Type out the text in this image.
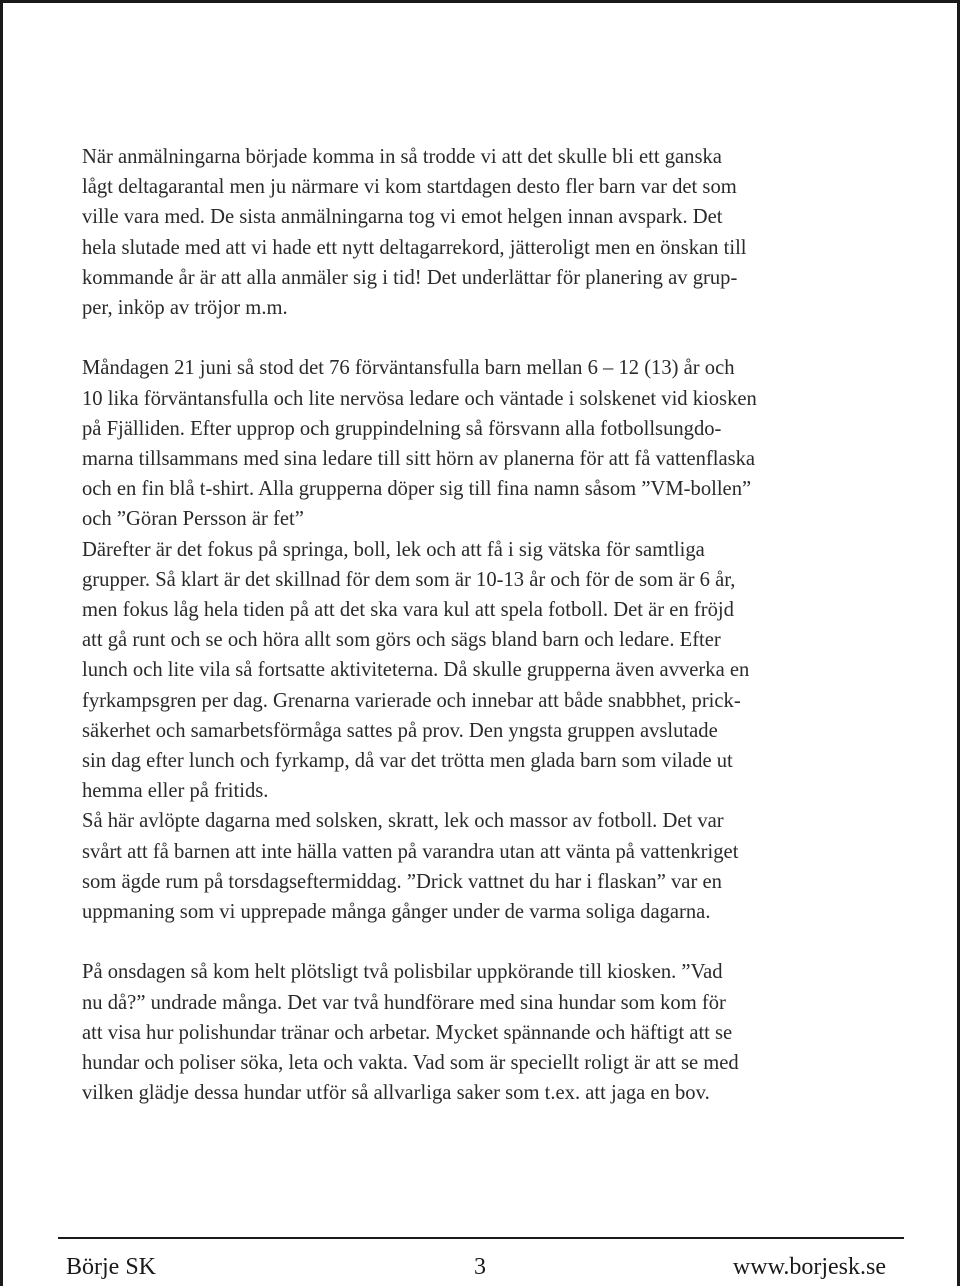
När anmälningarna började komma in så trodde vi att det skulle bli ett ganska
lågt deltagarantal men ju närmare vi kom startdagen desto fler barn var det som
ville vara med. De sista anmälningarna tog vi emot helgen innan avspark. Det
hela slutade med att vi hade ett nytt deltagarrekord, jätteroligt men en önskan till
kommande år är att alla anmäler sig i tid! Det underlättar för planering av grup-
per, inköp av tröjor m.m.
Måndagen 21 juni så stod det 76 förväntansfulla barn mellan 6 – 12 (13) år och
10 lika förväntansfulla och lite nervösa ledare och väntade i solskenet vid kiosken
på Fjälliden. Efter upprop och gruppindelning så försvann alla fotbollsungdo-
marna tillsammans med sina ledare till sitt hörn av planerna för att få vattenflaska
och en fin blå t-shirt. Alla grupperna döper sig till fina namn såsom ”VM-bollen”
och ”Göran Persson är fet”
Därefter är det fokus på springa, boll, lek och att få i sig vätska för samtliga
grupper. Så klart är det skillnad för dem som är 10-13 år och för de som är 6 år,
men fokus låg hela tiden på att det ska vara kul att spela fotboll. Det är en fröjd
att gå runt och se och höra allt som görs och sägs bland barn och ledare. Efter
lunch och lite vila så fortsatte aktiviteterna. Då skulle grupperna även avverka en
fyrkampsgren per dag. Grenarna varierade och innebar att både snabbhet, prick-
säkerhet och samarbetsförmåga sattes på prov. Den yngsta gruppen avslutade
sin dag efter lunch och fyrkamp, då var det trötta men glada barn som vilade ut
hemma eller på fritids.
Så här avlöpte dagarna med solsken, skratt, lek och massor av fotboll. Det var
svårt att få barnen att inte hälla vatten på varandra utan att vänta på vattenkriget
som ägde rum på torsdagseftermiddag. ”Drick vattnet du har i flaskan” var en
uppmaning som vi upprepade många gånger under de varma soliga dagarna.
På onsdagen så kom helt plötsligt två polisbilar uppkörande till kiosken. ”Vad
nu då?” undrade många. Det var två hundförare med sina hundar som kom för
att visa hur polishundar tränar och arbetar. Mycket spännande och häftigt att se
hundar och poliser söka, leta och vakta. Vad som är speciellt roligt är att se med
vilken glädje dessa hundar utför så allvarliga saker som t.ex. att jaga en bov.
Börje SK	3	www.borjesk.se
